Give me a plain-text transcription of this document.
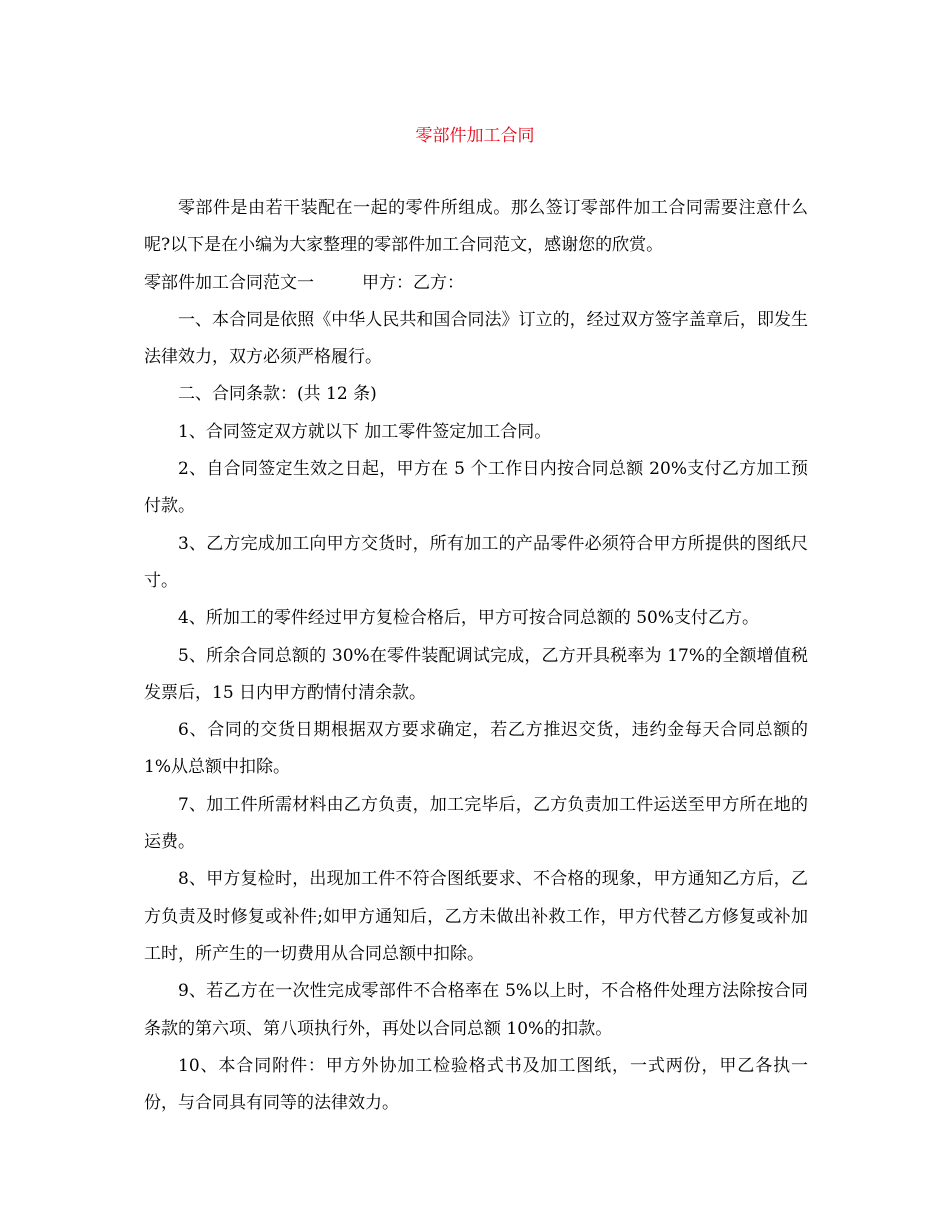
零部件加工合同

零部件是由若干装配在一起的零件所组成。那么签订零部件加工合同需要注意什么呢?以下是在小编为大家整理的零部件加工合同范文，感谢您的欣赏。

零部件加工合同范文一	甲方：乙方：

一、本合同是依照《中华人民共和国合同法》订立的，经过双方签字盖章后，即发生法律效力，双方必须严格履行。

二、合同条款：(共 12 条)

1、合同签定双方就以下 加工零件签定加工合同。

2、自合同签定生效之日起，甲方在 5 个工作日内按合同总额 20%支付乙方加工预付款。

3、乙方完成加工向甲方交货时，所有加工的产品零件必须符合甲方所提供的图纸尺寸。

4、所加工的零件经过甲方复检合格后，甲方可按合同总额的 50%支付乙方。

5、所余合同总额的 30%在零件装配调试完成，乙方开具税率为 17%的全额增值税发票后，15 日内甲方酌情付清余款。

6、合同的交货日期根据双方要求确定，若乙方推迟交货，违约金每天合同总额的 1%从总额中扣除。

7、加工件所需材料由乙方负责，加工完毕后，乙方负责加工件运送至甲方所在地的运费。

8、甲方复检时，出现加工件不符合图纸要求、不合格的现象，甲方通知乙方后，乙方负责及时修复或补件;如甲方通知后，乙方未做出补救工作，甲方代替乙方修复或补加工时，所产生的一切费用从合同总额中扣除。

9、若乙方在一次性完成零部件不合格率在 5%以上时，不合格件处理方法除按合同条款的第六项、第八项执行外，再处以合同总额 10%的扣款。

10、本合同附件：甲方外协加工检验格式书及加工图纸，一式两份，甲乙各执一份，与合同具有同等的法律效力。
